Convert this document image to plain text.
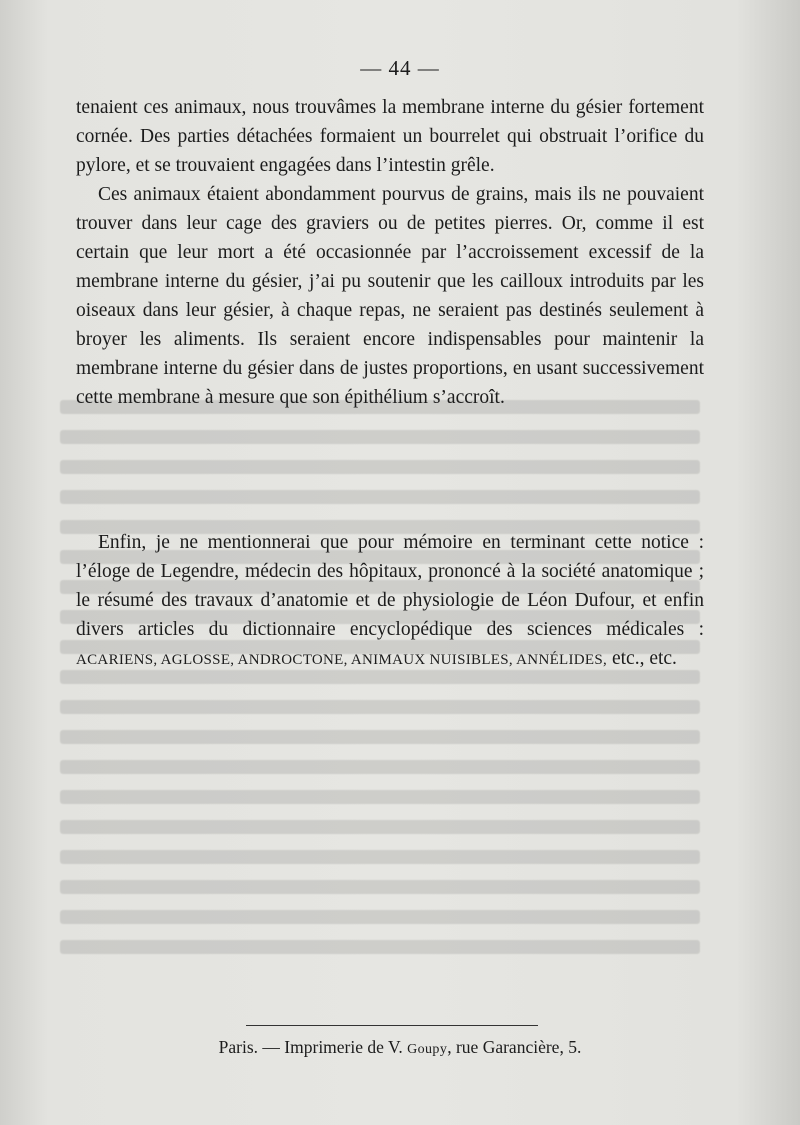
— 44 —

tenaient ces animaux, nous trouvâmes la membrane interne du gésier fortement cornée. Des parties détachées formaient un bourrelet qui obstruait l’orifice du pylore, et se trouvaient engagées dans l’intestin grêle.

Ces animaux étaient abondamment pourvus de grains, mais ils ne pouvaient trouver dans leur cage des graviers ou de petites pierres. Or, comme il est certain que leur mort a été occasionnée par l’accroissement excessif de la membrane interne du gésier, j’ai pu soutenir que les cailloux introduits par les oiseaux dans leur gésier, à chaque repas, ne seraient pas destinés seulement à broyer les aliments. Ils seraient encore indispensables pour maintenir la membrane interne du gésier dans de justes proportions, en usant successivement cette membrane à mesure que son épithélium s’accroît.

Enfin, je ne mentionnerai que pour mémoire en terminant cette notice : l’éloge de Legendre, médecin des hôpitaux, prononcé à la société anatomique ; le résumé des travaux d’anatomie et de physiologie de Léon Dufour, et enfin divers articles du dictionnaire encyclopédique des sciences médicales : ACARIENS, AGLOSSE, ANDROCTONE, ANIMAUX NUISIBLES, ANNÉLIDES, etc., etc.

Paris. — Imprimerie de V. Goupy, rue Garancière, 5.
